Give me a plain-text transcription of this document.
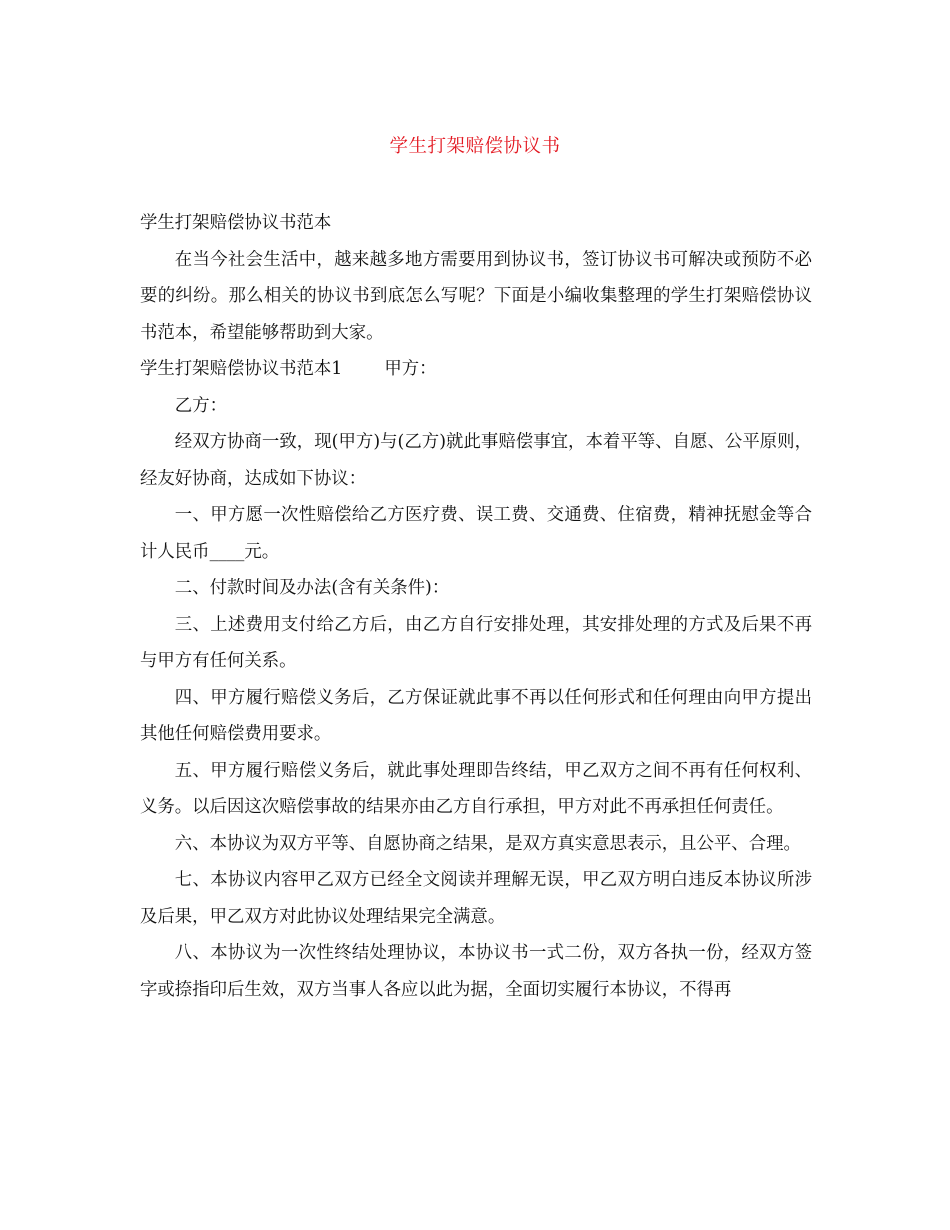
学生打架赔偿协议书

学生打架赔偿协议书范本

在当今社会生活中，越来越多地方需要用到协议书，签订协议书可解决或预防不必要的纠纷。那么相关的协议书到底怎么写呢？下面是小编收集整理的学生打架赔偿协议书范本，希望能够帮助到大家。

学生打架赔偿协议书范本1 甲方：

乙方：

经双方协商一致，现(甲方)与(乙方)就此事赔偿事宜，本着平等、自愿、公平原则，经友好协商，达成如下协议：

一、甲方愿一次性赔偿给乙方医疗费、误工费、交通费、住宿费，精神抚慰金等合计人民币____元。

二、付款时间及办法(含有关条件)：

三、上述费用支付给乙方后，由乙方自行安排处理，其安排处理的方式及后果不再与甲方有任何关系。

四、甲方履行赔偿义务后，乙方保证就此事不再以任何形式和任何理由向甲方提出其他任何赔偿费用要求。

五、甲方履行赔偿义务后，就此事处理即告终结，甲乙双方之间不再有任何权利、义务。以后因这次赔偿事故的结果亦由乙方自行承担，甲方对此不再承担任何责任。

六、本协议为双方平等、自愿协商之结果，是双方真实意思表示，且公平、合理。

七、本协议内容甲乙双方已经全文阅读并理解无误，甲乙双方明白违反本协议所涉及后果，甲乙双方对此协议处理结果完全满意。

八、本协议为一次性终结处理协议，本协议书一式二份，双方各执一份，经双方签字或捺指印后生效，双方当事人各应以此为据，全面切实履行本协议，不得再
